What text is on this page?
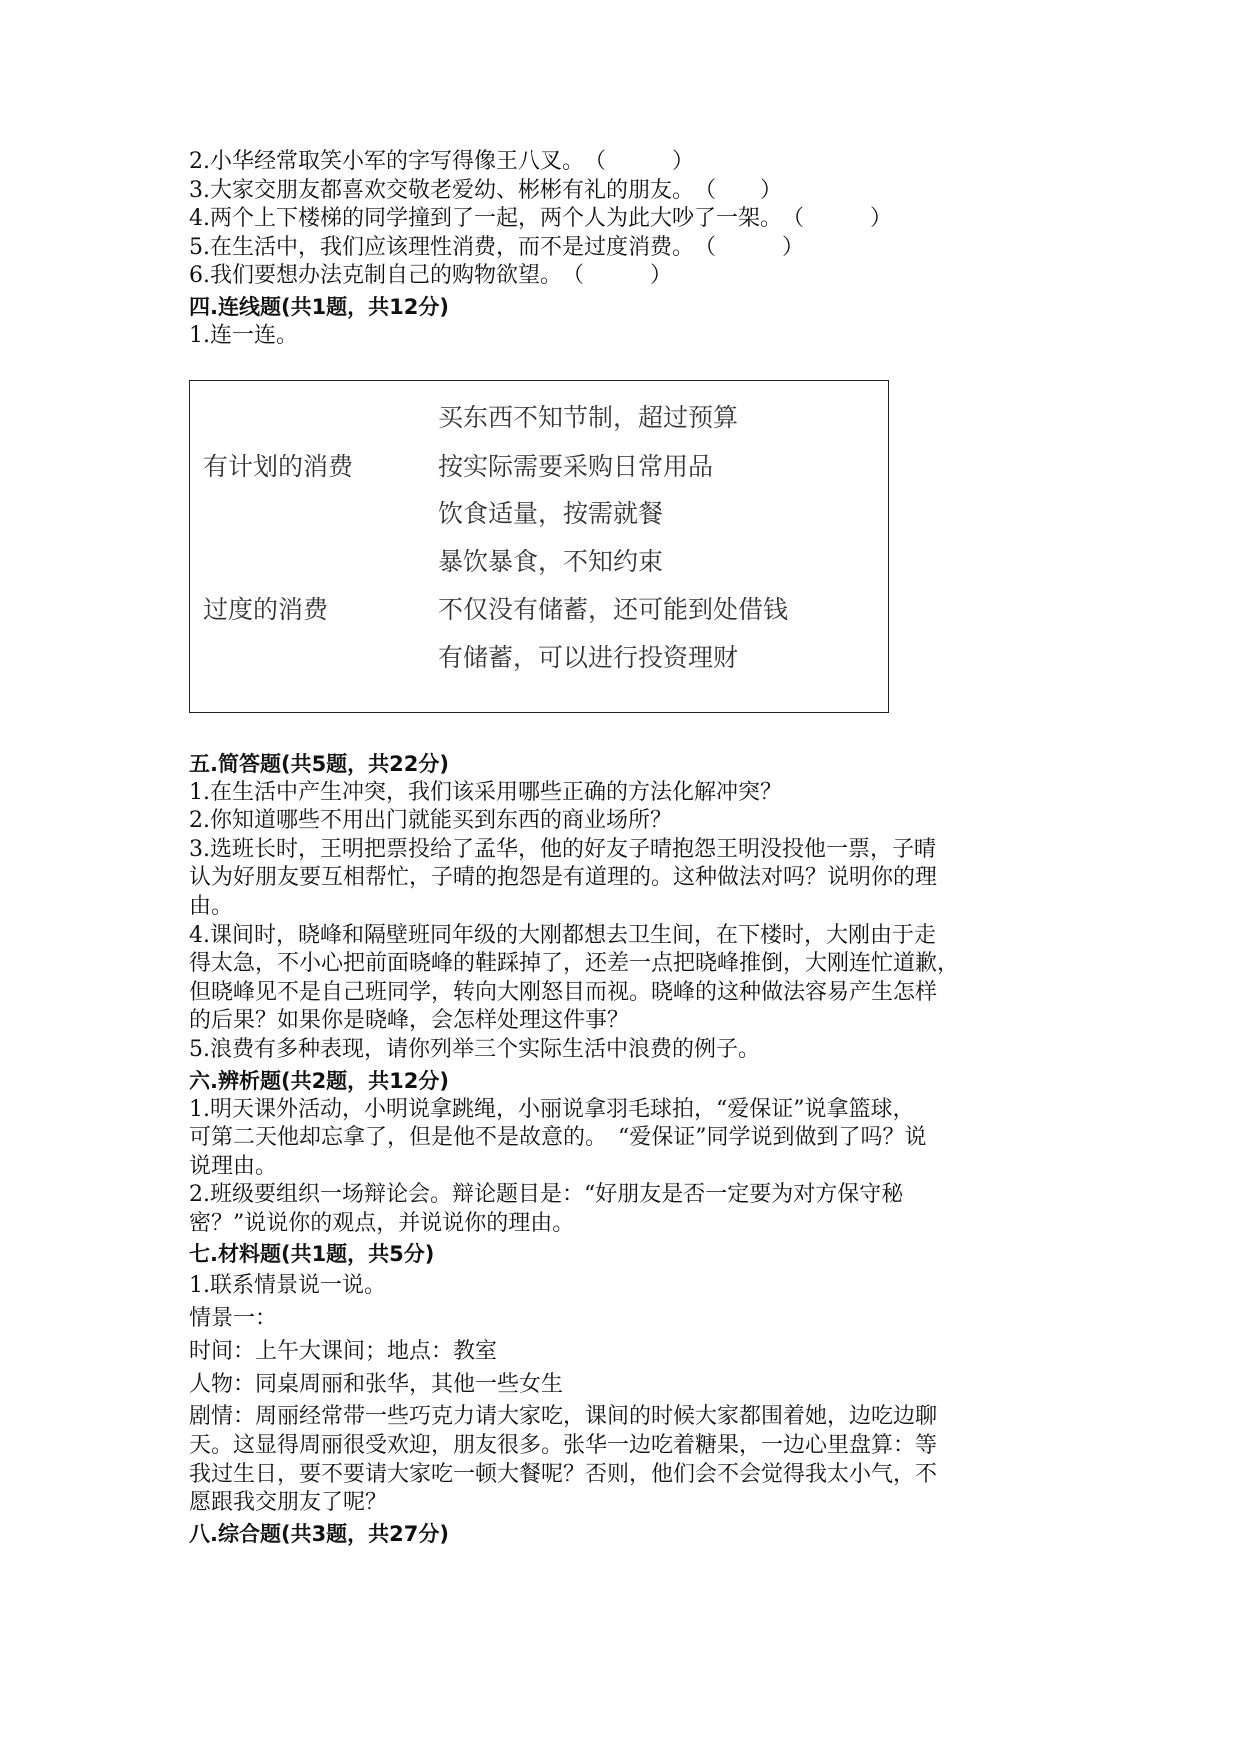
2.小华经常取笑小军的字写得像王八叉。（　　　）
3.大家交朋友都喜欢交敬老爱幼、彬彬有礼的朋友。（　　）
4.两个上下楼梯的同学撞到了一起，两个人为此大吵了一架。（　　　）
5.在生活中，我们应该理性消费，而不是过度消费。（　　　）
6.我们要想办法克制自己的购物欲望。（　　　）
四.连线题(共1题，共12分)
1.连一连。
买东西不知节制，超过预算
有计划的消费	按实际需要采购日常用品
饮食适量，按需就餐
暴饮暴食，不知约束
过度的消费	不仅没有储蓄，还可能到处借钱
有储蓄，可以进行投资理财
五.简答题(共5题，共22分)
1.在生活中产生冲突，我们该采用哪些正确的方法化解冲突？
2.你知道哪些不用出门就能买到东西的商业场所？
3.选班长时，王明把票投给了孟华，他的好友子晴抱怨王明没投他一票，子晴
认为好朋友要互相帮忙，子晴的抱怨是有道理的。这种做法对吗？说明你的理
由。
4.课间时，晓峰和隔壁班同年级的大刚都想去卫生间，在下楼时，大刚由于走
得太急，不小心把前面晓峰的鞋踩掉了，还差一点把晓峰推倒，大刚连忙道歉，
但晓峰见不是自己班同学，转向大刚怒目而视。晓峰的这种做法容易产生怎样
的后果？如果你是晓峰，会怎样处理这件事？
5.浪费有多种表现，请你列举三个实际生活中浪费的例子。
六.辨析题(共2题，共12分)
1.明天课外活动，小明说拿跳绳，小丽说拿羽毛球拍，“爱保证”说拿篮球，
可第二天他却忘拿了，但是他不是故意的。　“爱保证”同学说到做到了吗？说
说理由。
2.班级要组织一场辩论会。辩论题目是：“好朋友是否一定要为对方保守秘
密？”说说你的观点，并说说你的理由。
七.材料题(共1题，共5分)
1.联系情景说一说。
情景一：
时间：上午大课间；地点：教室
人物：同桌周丽和张华，其他一些女生
剧情：周丽经常带一些巧克力请大家吃，课间的时候大家都围着她，边吃边聊
天。这显得周丽很受欢迎，朋友很多。张华一边吃着糖果，一边心里盘算：等
我过生日，要不要请大家吃一顿大餐呢？否则，他们会不会觉得我太小气，不
愿跟我交朋友了呢？
八.综合题(共3题，共27分)
